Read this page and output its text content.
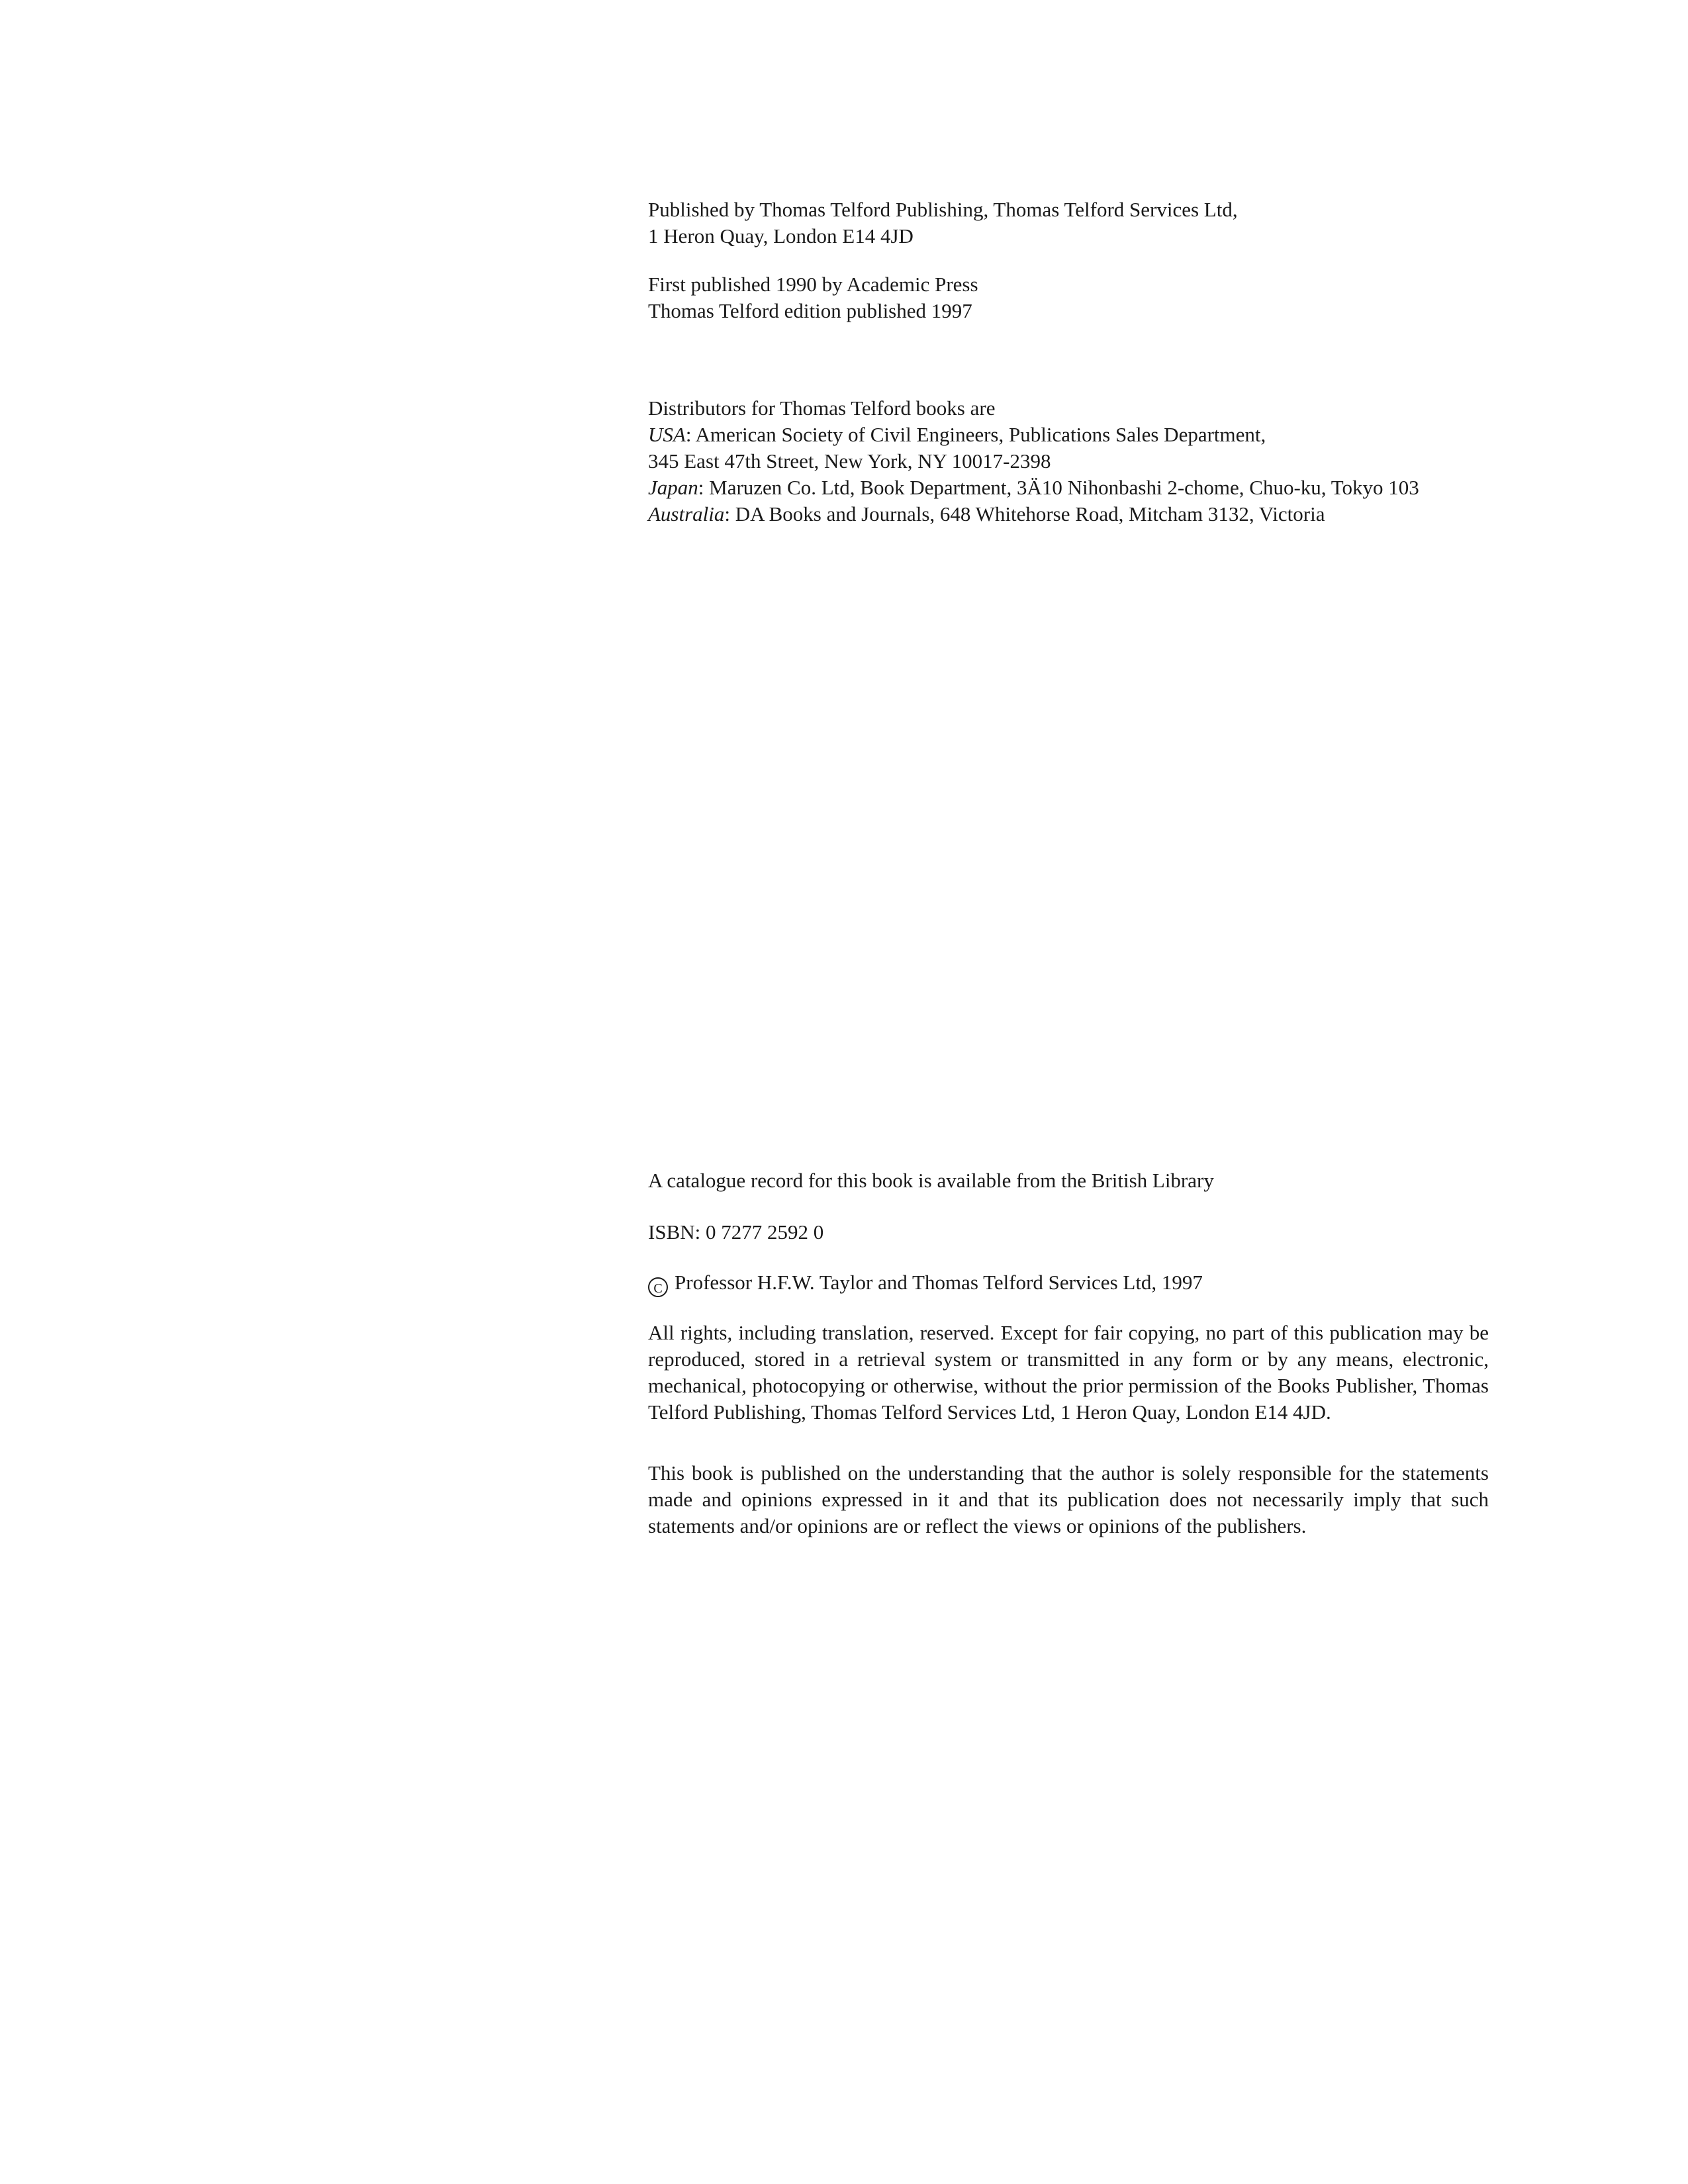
Published by Thomas Telford Publishing, Thomas Telford Services Ltd,

1 Heron Quay, London E14 4JD

First published 1990 by Academic Press

Thomas Telford edition published 1997

Distributors for Thomas Telford books are

USA: American Society of Civil Engineers, Publications Sales Department,

345 East 47th Street, New York, NY 10017-2398

Japan: Maruzen Co. Ltd, Book Department, 3Ä10 Nihonbashi 2-chome, Chuo-ku, Tokyo 103

Australia: DA Books and Journals, 648 Whitehorse Road, Mitcham 3132, Victoria

A catalogue record for this book is available from the British Library

ISBN: 0 7277 2592 0

C Professor H.F.W. Taylor and Thomas Telford Services Ltd, 1997

All rights, including translation, reserved. Except for fair copying, no part of this publication may be reproduced, stored in a retrieval system or transmitted in any form or by any means, electronic, mechanical, photocopying or otherwise, without the prior permission of the Books Publisher, Thomas Telford Publishing, Thomas Telford Services Ltd, 1 Heron Quay, London E14 4JD.

This book is published on the understanding that the author is solely responsible for the statements made and opinions expressed in it and that its publication does not necessarily imply that such statements and/or opinions are or reflect the views or opinions of the publishers.
